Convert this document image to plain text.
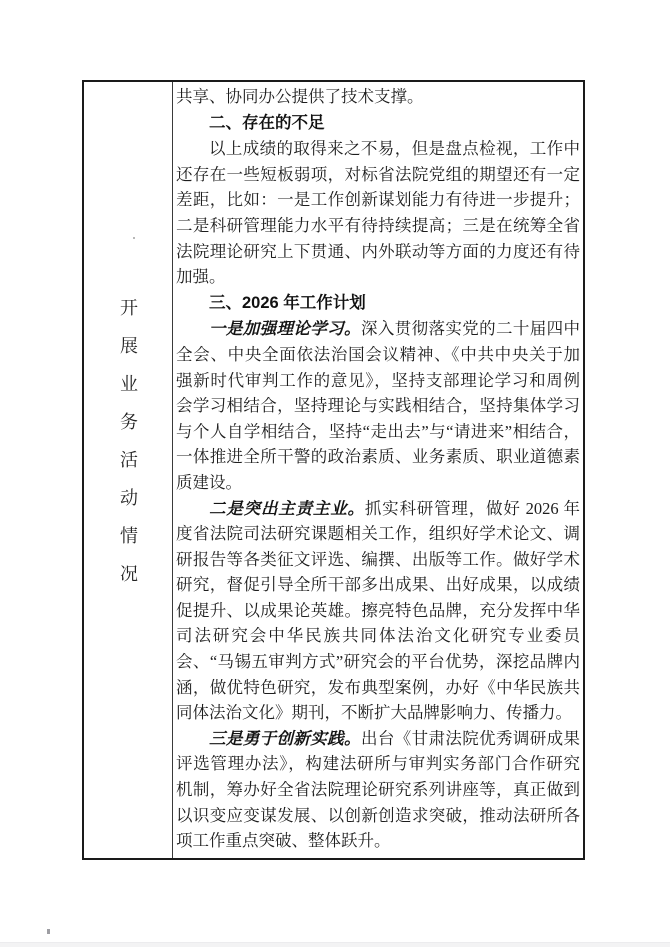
开展业务活动情况

共享、协同办公提供了技术支撑。

二、存在的不足

以上成绩的取得来之不易，但是盘点检视，工作中还存在一些短板弱项，对标省法院党组的期望还有一定差距，比如：一是工作创新谋划能力有待进一步提升；二是科研管理能力水平有待持续提高；三是在统筹全省法院理论研究上下贯通、内外联动等方面的力度还有待加强。

三、2026 年工作计划

一是加强理论学习。深入贯彻落实党的二十届四中全会、中央全面依法治国会议精神、《中共中央关于加强新时代审判工作的意见》，坚持支部理论学习和周例会学习相结合，坚持理论与实践相结合，坚持集体学习与个人自学相结合，坚持“走出去”与“请进来”相结合，一体推进全所干警的政治素质、业务素质、职业道德素质建设。

二是突出主责主业。抓实科研管理，做好 2026 年度省法院司法研究课题相关工作，组织好学术论文、调研报告等各类征文评选、编撰、出版等工作。做好学术研究，督促引导全所干部多出成果、出好成果，以成绩促提升、以成果论英雄。擦亮特色品牌，充分发挥中华司法研究会中华民族共同体法治文化研究专业委员会、“马锡五审判方式”研究会的平台优势，深挖品牌内涵，做优特色研究，发布典型案例，办好《中华民族共同体法治文化》期刊，不断扩大品牌影响力、传播力。

三是勇于创新实践。出台《甘肃法院优秀调研成果评选管理办法》，构建法研所与审判实务部门合作研究机制，筹办好全省法院理论研究系列讲座等，真正做到以识变应变谋发展、以创新创造求突破，推动法研所各项工作重点突破、整体跃升。
